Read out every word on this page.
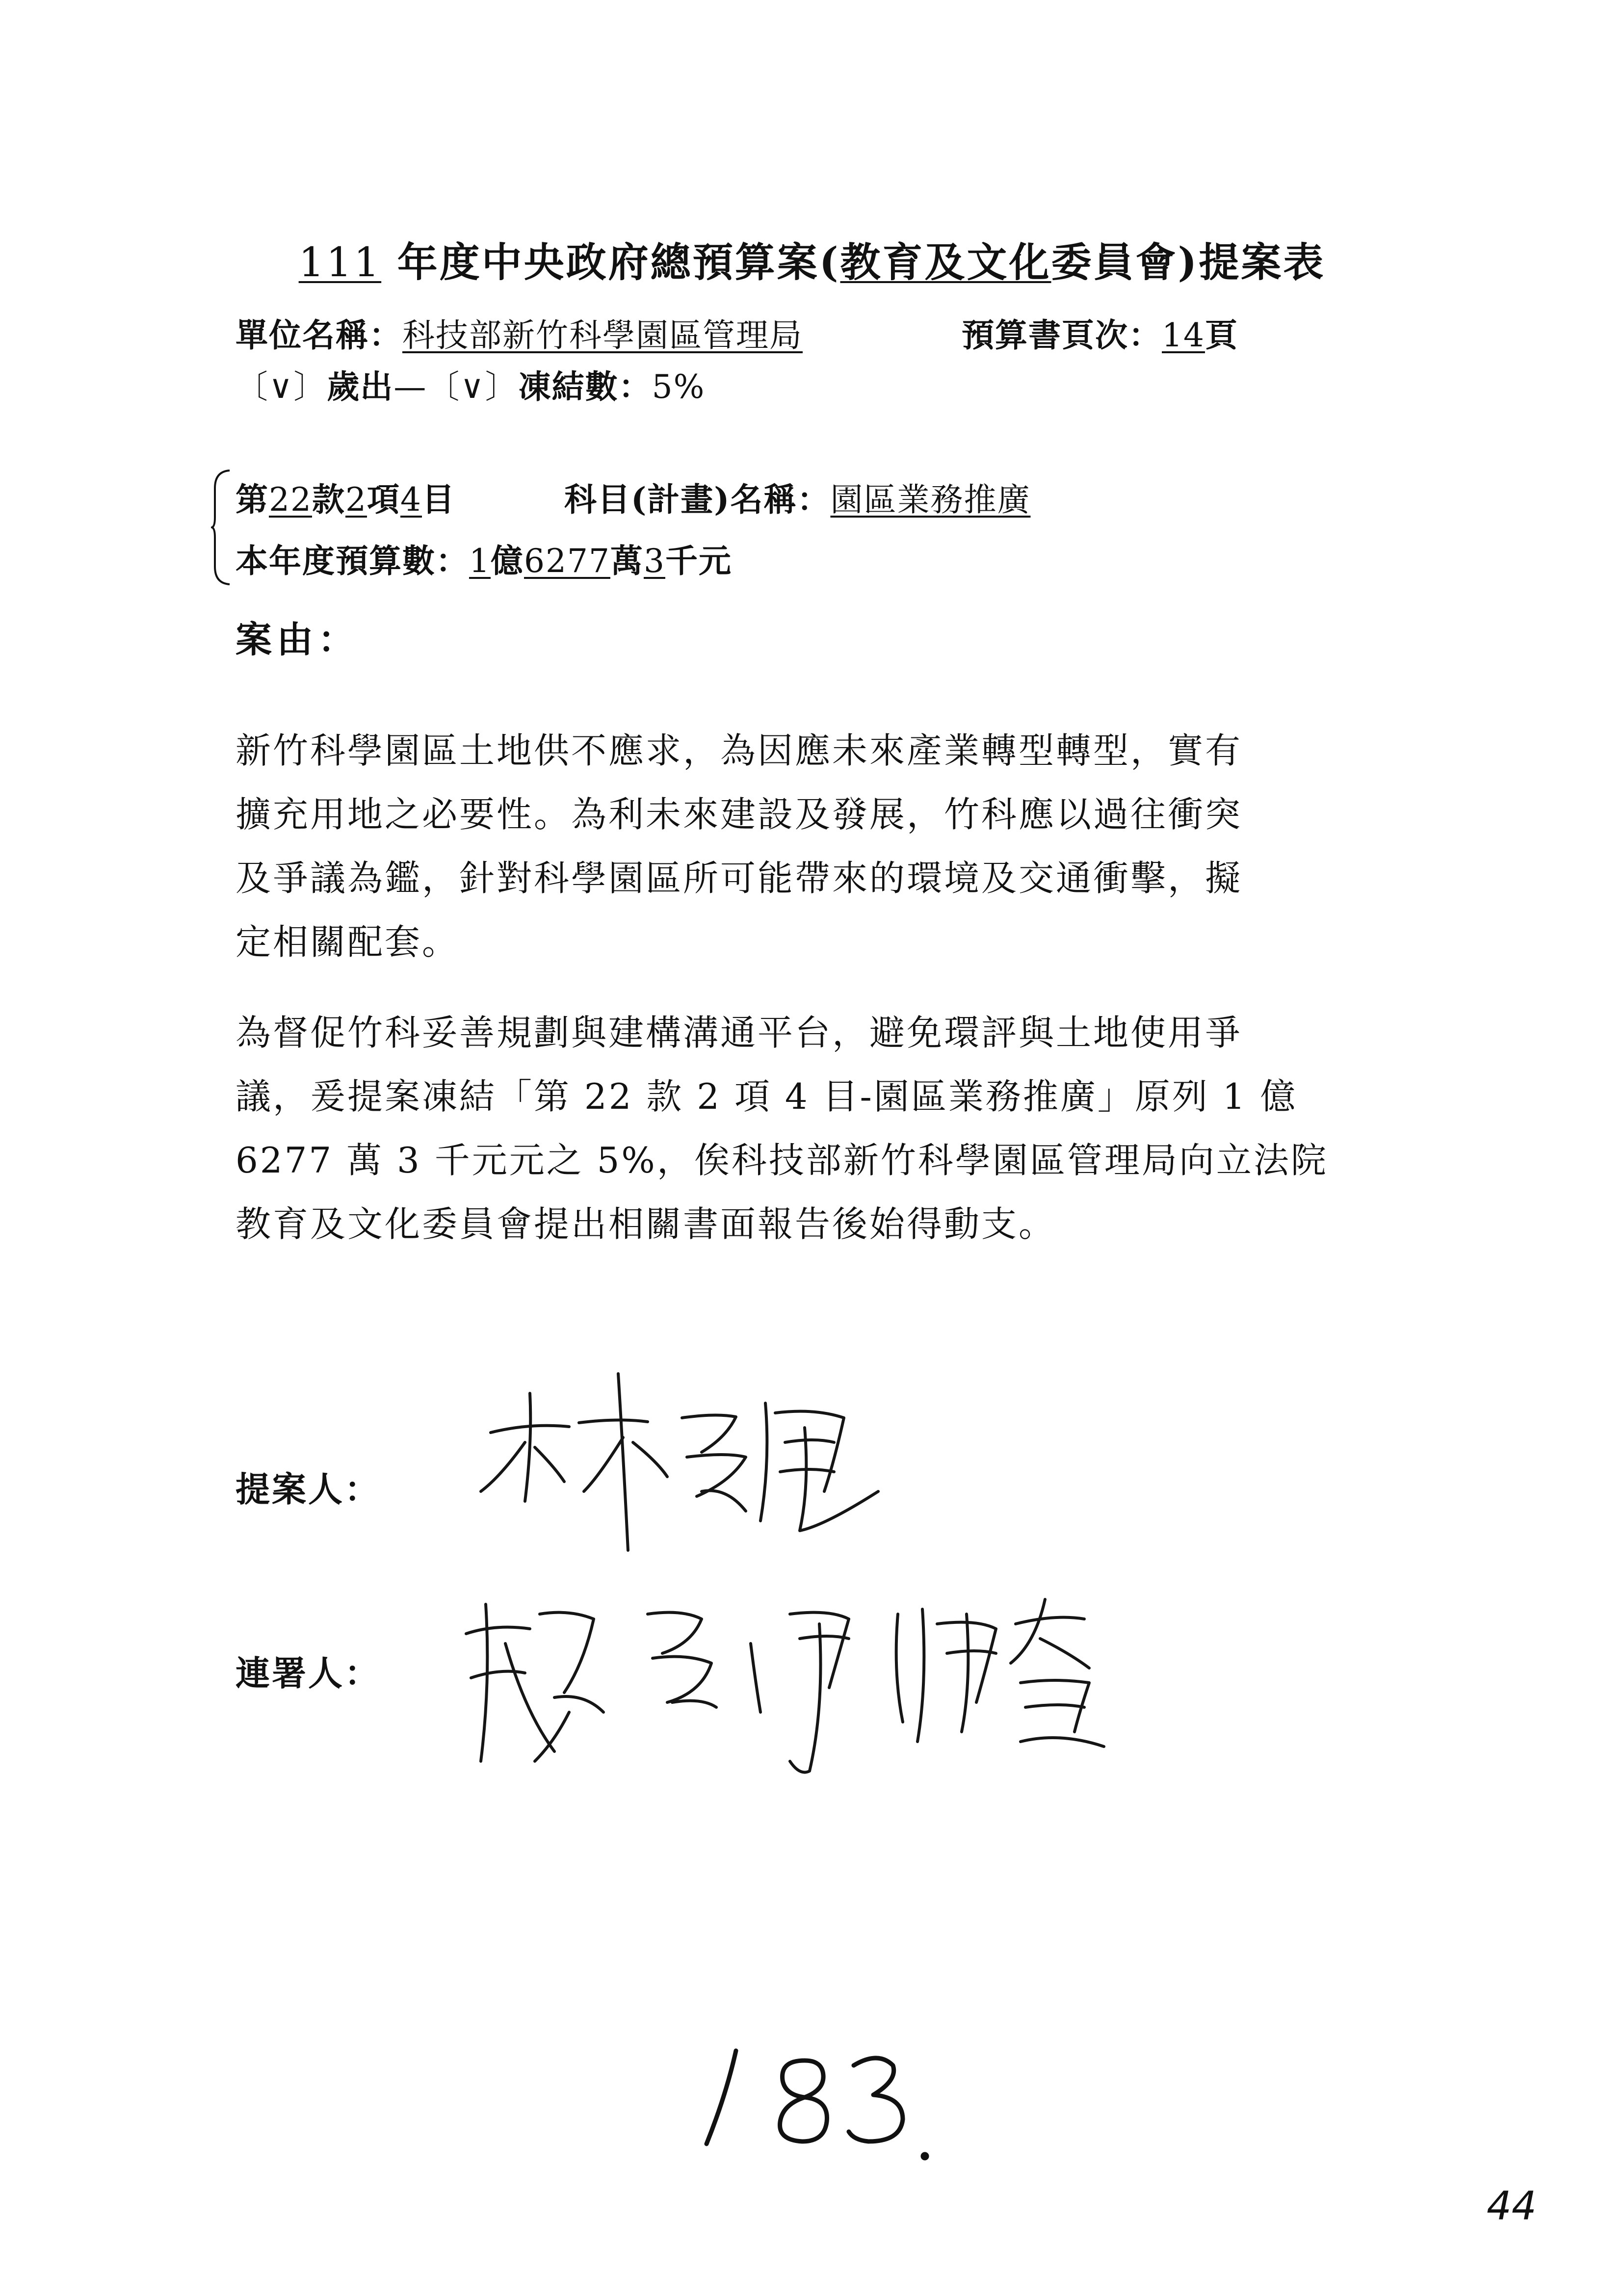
111 年度中央政府總預算案(教育及文化委員會)提案表
單位名稱：科技部新竹科學園區管理局	預算書頁次：14頁
〔∨〕歲出—〔∨〕凍結數：5%
第22款2項4目	科目(計畫)名稱：園區業務推廣
本年度預算數：1億6277萬3千元
案由：
新竹科學園區土地供不應求，為因應未來產業轉型轉型，實有
擴充用地之必要性。為利未來建設及發展，竹科應以過往衝突
及爭議為鑑，針對科學園區所可能帶來的環境及交通衝擊，擬
定相關配套。
為督促竹科妥善規劃與建構溝通平台，避免環評與土地使用爭
議，爰提案凍結「第 22 款 2 項 4 目-園區業務推廣」原列 1 億
6277 萬 3 千元元之 5%，俟科技部新竹科學園區管理局向立法院
教育及文化委員會提出相關書面報告後始得動支。
提案人：
連署人：
44
